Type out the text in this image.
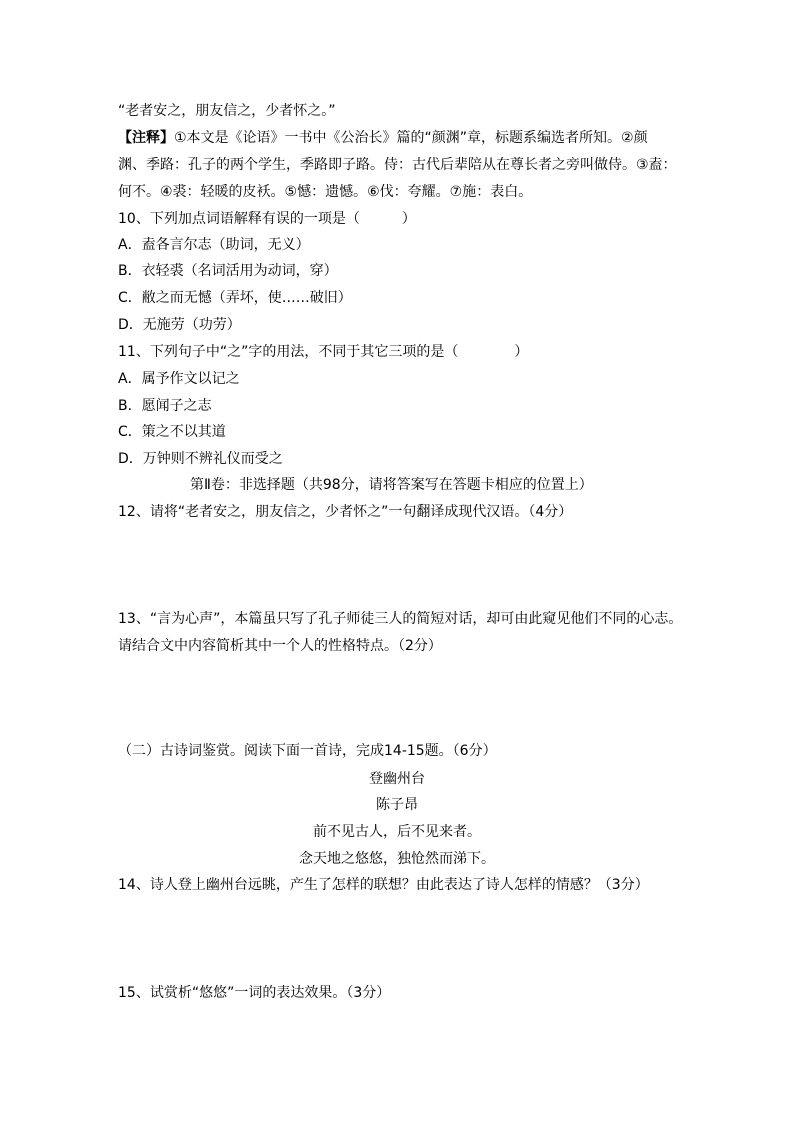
“老者安之，朋友信之，少者怀之。”
【注释】①本文是《论语》一书中《公治长》篇的“颜渊”章，标题系编选者所知。②颜
渊、季路：孔子的两个学生，季路即子路。侍：古代后辈陪从在尊长者之旁叫做侍。③盍：
何不。④裘：轻暖的皮袄。⑤憾：遗憾。⑥伐：夸耀。⑦施：表白。
10、下列加点词语解释有误的一项是（　　　）
A．盍各言尔志（助词，无义）
B．衣轻裘（名词活用为动词，穿）
C．敝之而无憾（弄坏，使……破旧）
D．无施劳（功劳）
11、下列句子中“之”字的用法，不同于其它三项的是（　　　　）
A．属予作文以记之
B．愿闻子之志
C．策之不以其道
D．万钟则不辨礼仪而受之
第Ⅱ卷：非选择题（共98分，请将答案写在答题卡相应的位置上）
12、请将“老者安之，朋友信之，少者怀之”一句翻译成现代汉语。（4分）
13、“言为心声”，本篇虽只写了孔子师徒三人的简短对话，却可由此窥见他们不同的心志。
请结合文中内容简析其中一个人的性格特点。（2分）
（二）古诗词鉴赏。阅读下面一首诗，完成14-15题。（6分）
登幽州台
陈子昂
前不见古人，后不见来者。
念天地之悠悠，独怆然而涕下。
14、诗人登上幽州台远眺，产生了怎样的联想？由此表达了诗人怎样的情感？（3分）
15、试赏析“悠悠”一词的表达效果。（3分）
